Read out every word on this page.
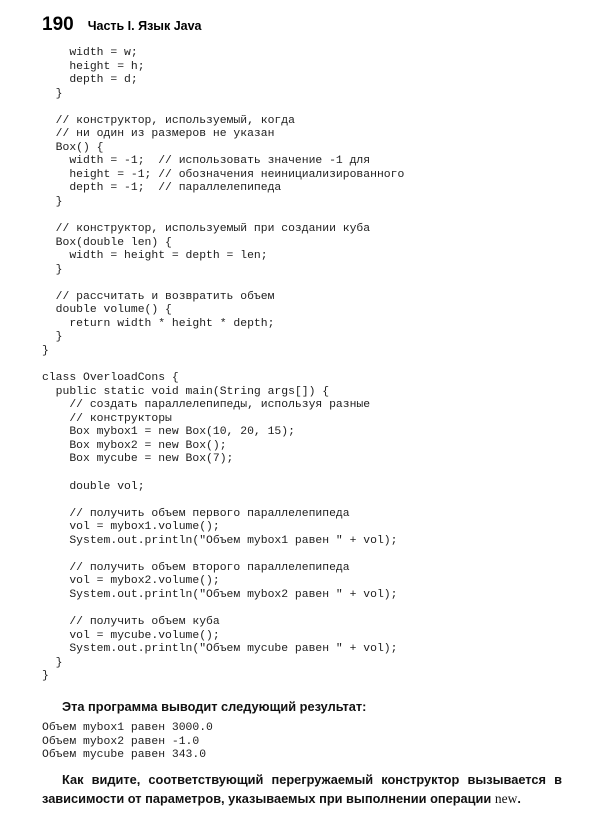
190 Часть I. Язык Java
width = w;
height = h;
depth = d;
}
// конструктор, используемый, когда
// ни один из размеров не указан
Box() {
width = -1;  // использовать значение -1 для
height = -1; // обозначения неинициализированного
depth = -1;  // параллелепипеда
}
// конструктор, используемый при создании куба
Box(double len) {
width = height = depth = len;
}
// рассчитать и возвратить объем
double volume() {
return width * height * depth;
}
}
class OverloadCons {
public static void main(String args[]) {
// создать параллелепипеды, используя разные
// конструкторы
Box mybox1 = new Box(10, 20, 15);
Box mybox2 = new Box();
Box mycube = new Box(7);
double vol;
// получить объем первого параллелепипеда
vol = mybox1.volume();
System.out.println("Объем mybox1 равен " + vol);
// получить объем второго параллелепипеда
vol = mybox2.volume();
System.out.println("Объем mybox2 равен " + vol);
// получить объем куба
vol = mycube.volume();
System.out.println("Объем mycube равен " + vol);
}
}
Эта программа выводит следующий результат:
Объем mybox1 равен 3000.0
Объем mybox2 равен -1.0
Объем mycube равен 343.0
Как видите, соответствующий перегружаемый конструктор вызывается в зависимости от параметров, указываемых при выполнении операции new.
